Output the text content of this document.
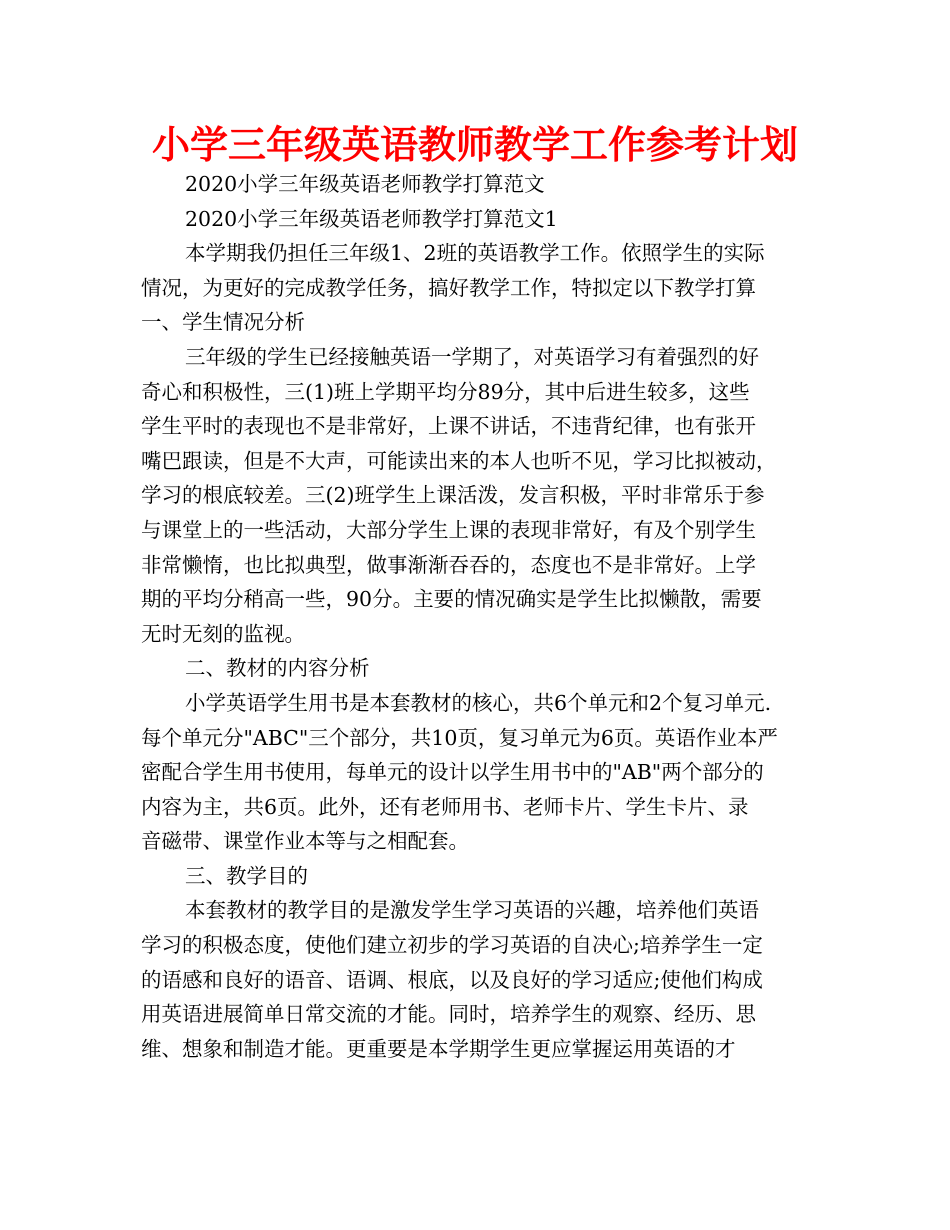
小学三年级英语教师教学工作参考计划
2020小学三年级英语老师教学打算范文
2020小学三年级英语老师教学打算范文1
本学期我仍担任三年级1、2班的英语教学工作。依照学生的实际
情况，为更好的完成教学任务，搞好教学工作，特拟定以下教学打算
一、学生情况分析
三年级的学生已经接触英语一学期了，对英语学习有着强烈的好
奇心和积极性，三(1)班上学期平均分89分，其中后进生较多，这些
学生平时的表现也不是非常好，上课不讲话，不违背纪律，也有张开
嘴巴跟读，但是不大声，可能读出来的本人也听不见，学习比拟被动，
学习的根底较差。三(2)班学生上课活泼，发言积极，平时非常乐于参
与课堂上的一些活动，大部分学生上课的表现非常好，有及个别学生
非常懒惰，也比拟典型，做事渐渐吞吞的，态度也不是非常好。上学
期的平均分稍高一些，90分。主要的情况确实是学生比拟懒散，需要
无时无刻的监视。
二、教材的内容分析
小学英语学生用书是本套教材的核心，共6个单元和2个复习单元.
每个单元分"ABC"三个部分，共10页，复习单元为6页。英语作业本严
密配合学生用书使用，每单元的设计以学生用书中的"AB"两个部分的
内容为主，共6页。此外，还有老师用书、老师卡片、学生卡片、录
音磁带、课堂作业本等与之相配套。
三、教学目的
本套教材的教学目的是激发学生学习英语的兴趣，培养他们英语
学习的积极态度，使他们建立初步的学习英语的自决心;培养学生一定
的语感和良好的语音、语调、根底，以及良好的学习适应;使他们构成
用英语进展简单日常交流的才能。同时，培养学生的观察、经历、思
维、想象和制造才能。更重要是本学期学生更应掌握运用英语的才
